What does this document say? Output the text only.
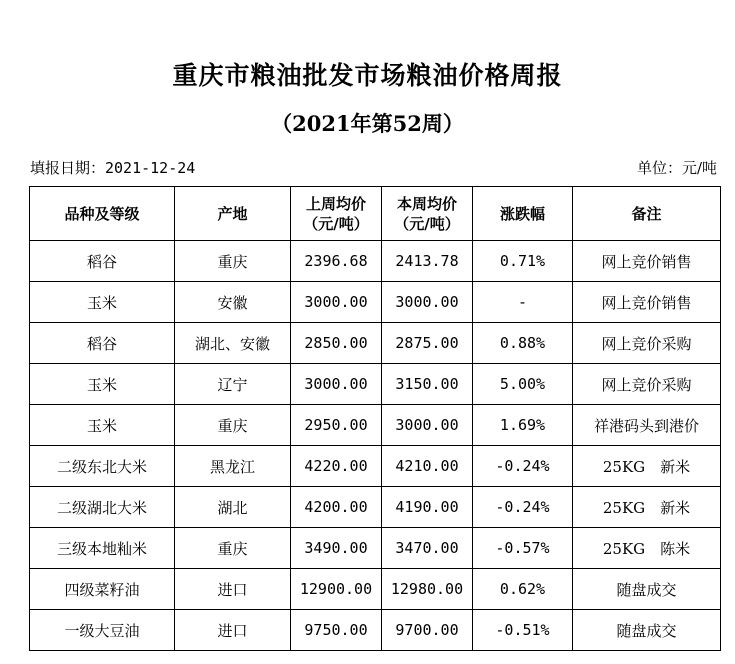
重庆市粮油批发市场粮油价格周报
（2021年第52周）
填报日期：2021-12-24	单位：元/吨
品种及等级	产地	上周均价（元/吨）	本周均价（元/吨）	涨跌幅	备注
稻谷	重庆	2396.68	2413.78	0.71%	网上竞价销售
玉米	安徽	3000.00	3000.00	-	网上竞价销售
稻谷	湖北、安徽	2850.00	2875.00	0.88%	网上竞价采购
玉米	辽宁	3000.00	3150.00	5.00%	网上竞价采购
玉米	重庆	2950.00	3000.00	1.69%	祥港码头到港价
二级东北大米	黑龙江	4220.00	4210.00	-0.24%	25KG　新米
二级湖北大米	湖北	4200.00	4190.00	-0.24%	25KG　新米
三级本地籼米	重庆	3490.00	3470.00	-0.57%	25KG　陈米
四级菜籽油	进口	12900.00	12980.00	0.62%	随盘成交
一级大豆油	进口	9750.00	9700.00	-0.51%	随盘成交
